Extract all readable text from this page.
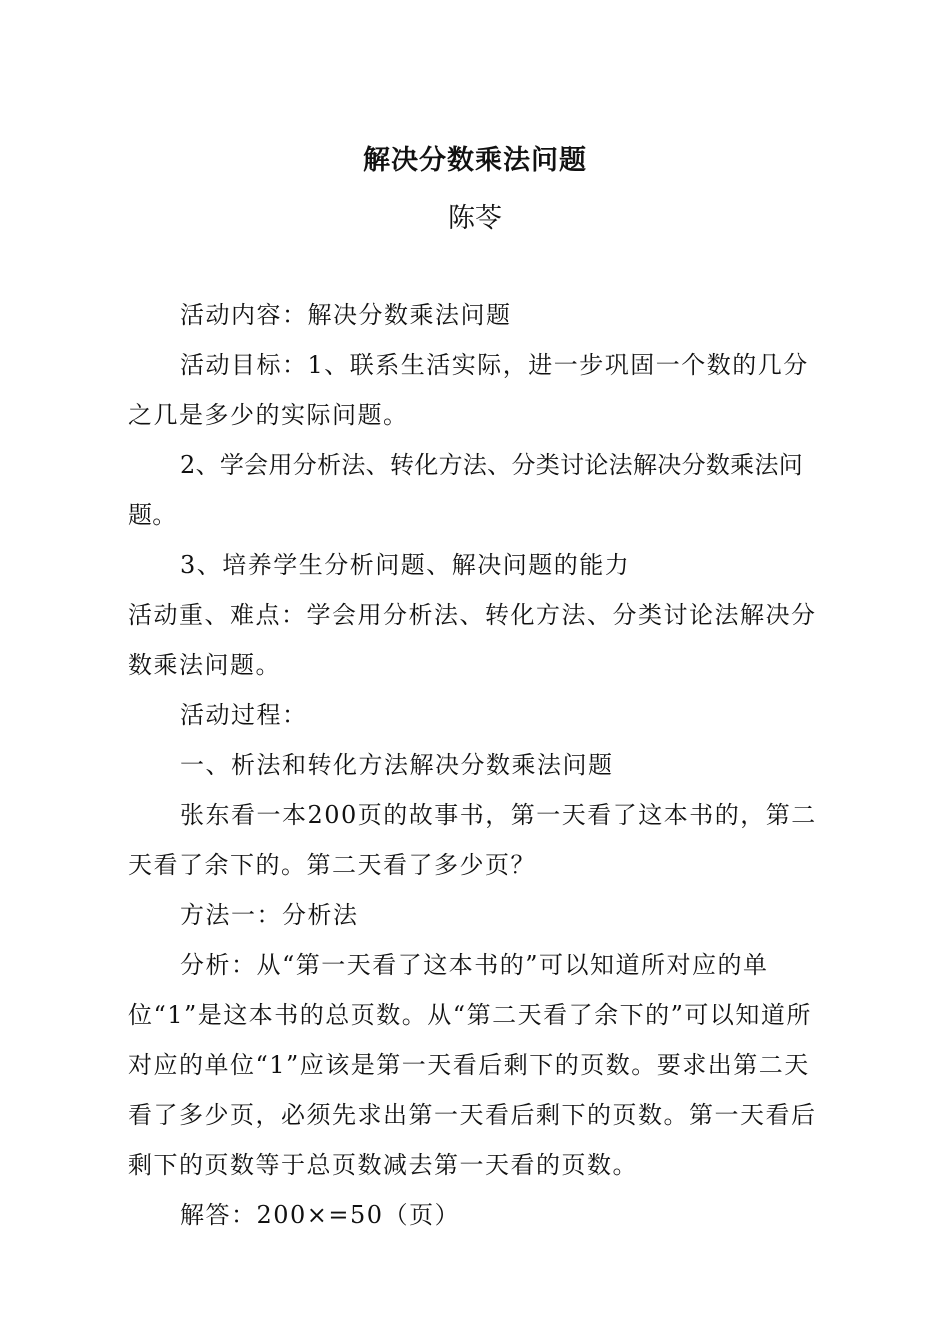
解决分数乘法问题
陈苓

活动内容：解决分数乘法问题

活动目标：1、联系生活实际，进一步巩固一个数的几分之几是多少的实际问题。

2、学会用分析法、转化方法、分类讨论法解决分数乘法问题。

3、培养学生分析问题、解决问题的能力

活动重、难点：学会用分析法、转化方法、分类讨论法解决分数乘法问题。

活动过程：

一、析法和转化方法解决分数乘法问题

张东看一本200页的故事书，第一天看了这本书的，第二天看了余下的。第二天看了多少页？

方法一：分析法

分析：从“第一天看了这本书的”可以知道所对应的单位“1”是这本书的总页数。从“第二天看了余下的”可以知道所对应的单位“1”应该是第一天看后剩下的页数。要求出第二天看了多少页，必须先求出第一天看后剩下的页数。第一天看后剩下的页数等于总页数减去第一天看的页数。

解答：200×=50（页）
